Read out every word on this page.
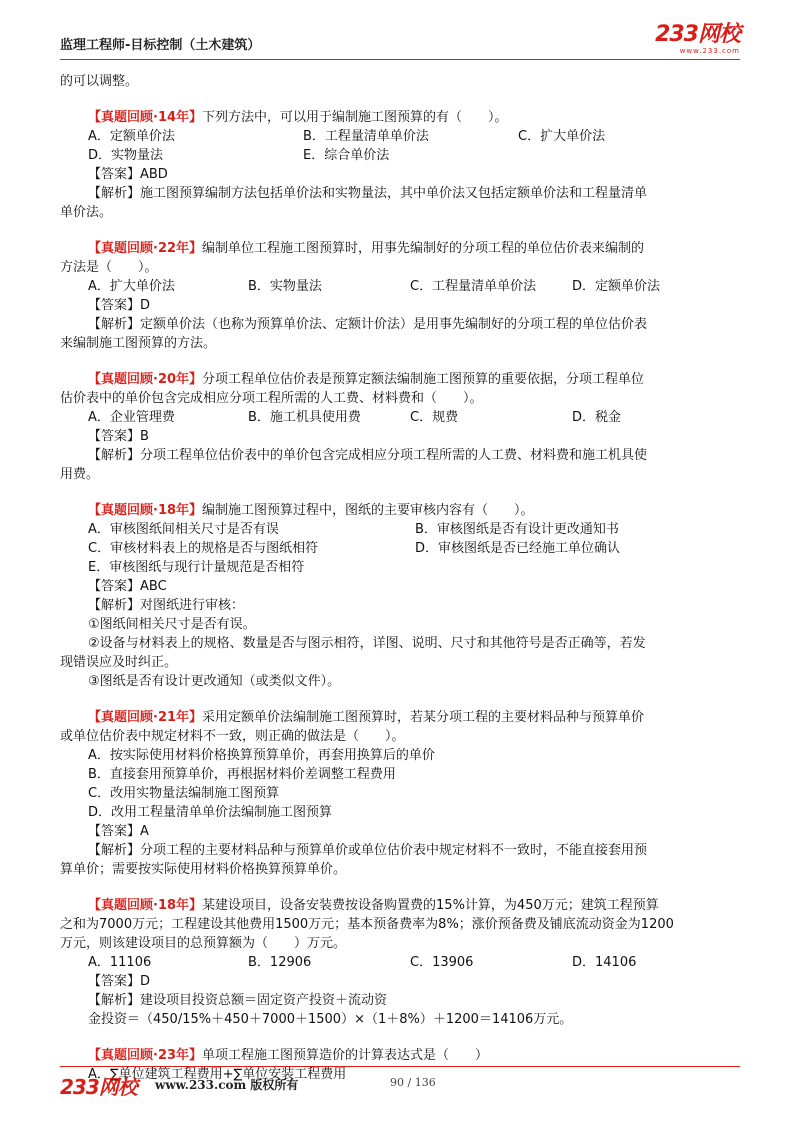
监理工程师-目标控制（土木建筑）	233网校
www.233.com
的可以调整。
【真题回顾·14年】下列方法中，可以用于编制施工图预算的有（　　）。
A．定额单价法	B．工程量清单单价法	C．扩大单价法
D．实物量法	E．综合单价法
【答案】ABD
【解析】施工图预算编制方法包括单价法和实物量法，其中单价法又包括定额单价法和工程量清单
单价法。
【真题回顾·22年】编制单位工程施工图预算时，用事先编制好的分项工程的单位估价表来编制的
方法是（　　）。
A．扩大单价法	B．实物量法	C．工程量清单单价法	D．定额单价法
【答案】D
【解析】定额单价法（也称为预算单价法、定额计价法）是用事先编制好的分项工程的单位估价表
来编制施工图预算的方法。
【真题回顾·20年】分项工程单位估价表是预算定额法编制施工图预算的重要依据，分项工程单位
估价表中的单价包含完成相应分项工程所需的人工费、材料费和（　　）。
A．企业管理费	B．施工机具使用费	C．规费	D．税金
【答案】B
【解析】分项工程单位估价表中的单价包含完成相应分项工程所需的人工费、材料费和施工机具使
用费。
【真题回顾·18年】编制施工图预算过程中，图纸的主要审核内容有（　　）。
A．审核图纸间相关尺寸是否有误	B．审核图纸是否有设计更改通知书
C．审核材料表上的规格是否与图纸相符	D．审核图纸是否已经施工单位确认
E．审核图纸与现行计量规范是否相符
【答案】ABC
【解析】对图纸进行审核：
①图纸间相关尺寸是否有误。
②设备与材料表上的规格、数量是否与图示相符，详图、说明、尺寸和其他符号是否正确等，若发
现错误应及时纠正。
③图纸是否有设计更改通知（或类似文件）。
【真题回顾·21年】采用定额单价法编制施工图预算时，若某分项工程的主要材料品种与预算单价
或单位估价表中规定材料不一致，则正确的做法是（　　）。
A．按实际使用材料价格换算预算单价，再套用换算后的单价
B．直接套用预算单价，再根据材料价差调整工程费用
C．改用实物量法编制施工图预算
D．改用工程量清单单价法编制施工图预算
【答案】A
【解析】分项工程的主要材料品种与预算单价或单位估价表中规定材料不一致时，不能直接套用预
算单价；需要按实际使用材料价格换算预算单价。
【真题回顾·18年】某建设项目，设备安装费按设备购置费的15%计算，为450万元；建筑工程预算
之和为7000万元；工程建设其他费用1500万元；基本预备费率为8%；涨价预备费及铺底流动资金为1200
万元，则该建设项目的总预算额为（　　）万元。
A．11106	B．12906	C．13906	D．14106
【答案】D
【解析】建设项目投资总额＝固定资产投资＋流动资
金投资＝（450/15%＋450＋7000＋1500）×（1＋8%）＋1200＝14106万元。
【真题回顾·23年】单项工程施工图预算造价的计算表达式是（　　）
A．∑单位建筑工程费用+∑单位安装工程费用
233网校 www.233.com 版权所有	90 / 136
